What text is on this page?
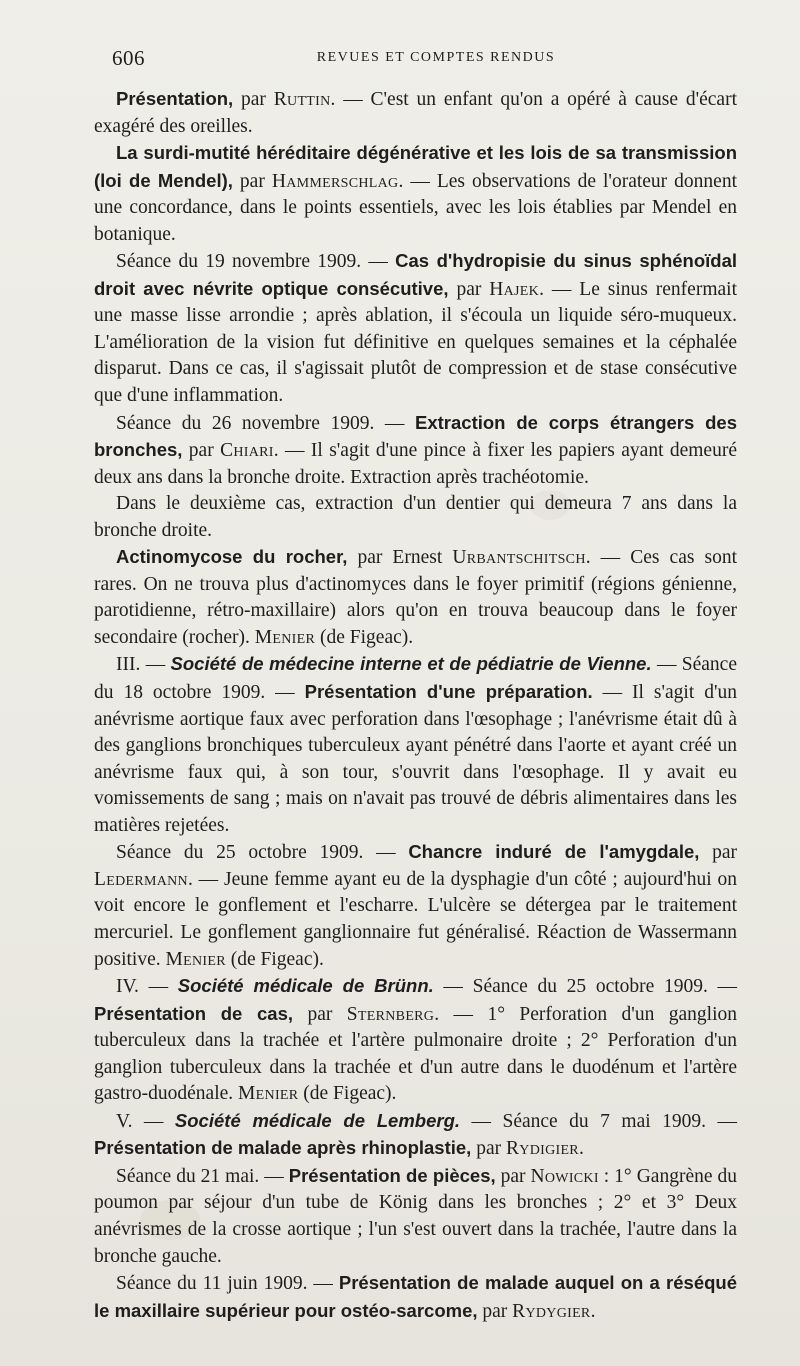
606	REVUES ET COMPTES RENDUS

Présentation, par Ruttin. — C'est un enfant qu'on a opéré à cause d'écart exagéré des oreilles.

La surdi-mutité héréditaire dégénérative et les lois de sa transmission (loi de Mendel), par Hammerschlag. — Les observations de l'orateur donnent une concordance, dans le points essentiels, avec les lois établies par Mendel en botanique.

Séance du 19 novembre 1909. — Cas d'hydropisie du sinus sphénoïdal droit avec névrite optique consécutive, par Hajek. — Le sinus renfermait une masse lisse arrondie ; après ablation, il s'écoula un liquide séro-muqueux. L'amélioration de la vision fut définitive en quelques semaines et la céphalée disparut. Dans ce cas, il s'agissait plutôt de compression et de stase consécutive que d'une inflammation.

Séance du 26 novembre 1909. — Extraction de corps étrangers des bronches, par Chiari. — Il s'agit d'une pince à fixer les papiers ayant demeuré deux ans dans la bronche droite. Extraction après trachéotomie.

Dans le deuxième cas, extraction d'un dentier qui demeura 7 ans dans la bronche droite.

Actinomycose du rocher, par Ernest Urbantschitsch. — Ces cas sont rares. On ne trouva plus d'actinomyces dans le foyer primitif (régions génienne, parotidienne, rétro-maxillaire) alors qu'on en trouva beaucoup dans le foyer secondaire (rocher). Menier (de Figeac).

III. — Société de médecine interne et de pédiatrie de Vienne. — Séance du 18 octobre 1909. — Présentation d'une préparation. — Il s'agit d'un anévrisme aortique faux avec perforation dans l'œsophage ; l'anévrisme était dû à des ganglions bronchiques tuberculeux ayant pénétré dans l'aorte et ayant créé un anévrisme faux qui, à son tour, s'ouvrit dans l'œsophage. Il y avait eu vomissements de sang ; mais on n'avait pas trouvé de débris alimentaires dans les matières rejetées.

Séance du 25 octobre 1909. — Chancre induré de l'amygdale, par Ledermann. — Jeune femme ayant eu de la dysphagie d'un côté ; aujourd'hui on voit encore le gonflement et l'escharre. L'ulcère se détergea par le traitement mercuriel. Le gonflement ganglionnaire fut généralisé. Réaction de Wassermann positive. Menier (de Figeac).

IV. — Société médicale de Brünn. — Séance du 25 octobre 1909. — Présentation de cas, par Sternberg. — 1° Perforation d'un ganglion tuberculeux dans la trachée et l'artère pulmonaire droite ; 2° Perforation d'un ganglion tuberculeux dans la trachée et d'un autre dans le duodénum et l'artère gastro-duodénale. Menier (de Figeac).

V. — Société médicale de Lemberg. — Séance du 7 mai 1909. — Présentation de malade après rhinoplastie, par Rydigier.

Séance du 21 mai. — Présentation de pièces, par Nowicki : 1° Gangrène du poumon par séjour d'un tube de König dans les bronches ; 2° et 3° Deux anévrismes de la crosse aortique ; l'un s'est ouvert dans la trachée, l'autre dans la bronche gauche.

Séance du 11 juin 1909. — Présentation de malade auquel on a réséqué le maxillaire supérieur pour ostéo-sarcome, par Rydygier.
